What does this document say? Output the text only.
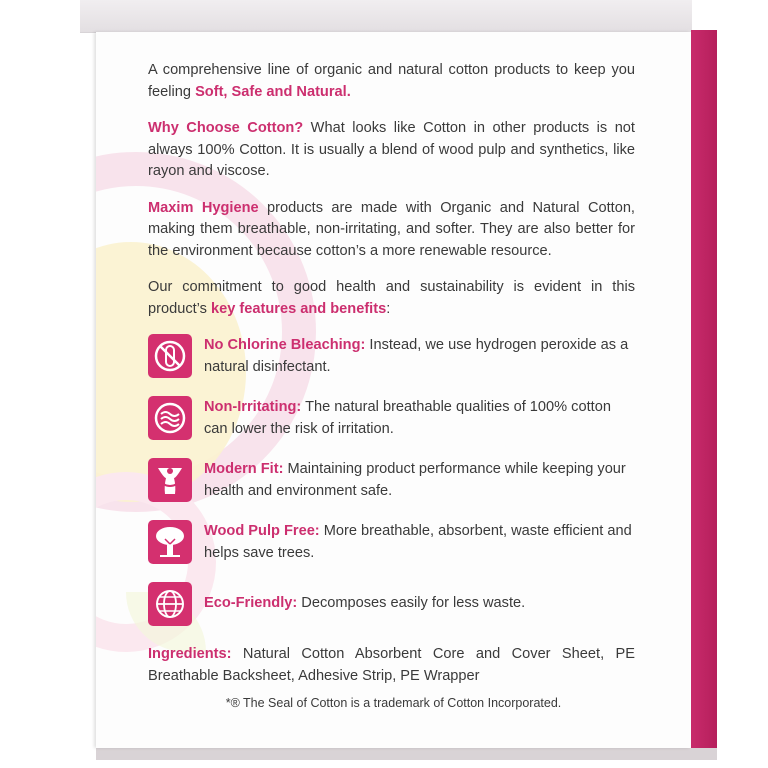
A comprehensive line of organic and natural cotton products to keep you feeling Soft, Safe and Natural.

Why Choose Cotton? What looks like Cotton in other products is not always 100% Cotton. It is usually a blend of wood pulp and synthetics, like rayon and viscose.

Maxim Hygiene products are made with Organic and Natural Cotton, making them breathable, non-irritating, and softer. They are also better for the environment because cotton’s a more renewable resource.

Our commitment to good health and sustainability is evident in this product’s key features and benefits:

No Chlorine Bleaching: Instead, we use hydrogen peroxide as a natural disinfectant.
Non-Irritating: The natural breathable qualities of 100% cotton can lower the risk of irritation.
Modern Fit: Maintaining product performance while keeping your health and environment safe.
Wood Pulp Free: More breathable, absorbent, waste efficient and helps save trees.
Eco-Friendly: Decomposes easily for less waste.

Ingredients: Natural Cotton Absorbent Core and Cover Sheet, PE Breathable Backsheet, Adhesive Strip, PE Wrapper

*® The Seal of Cotton is a trademark of Cotton Incorporated.
